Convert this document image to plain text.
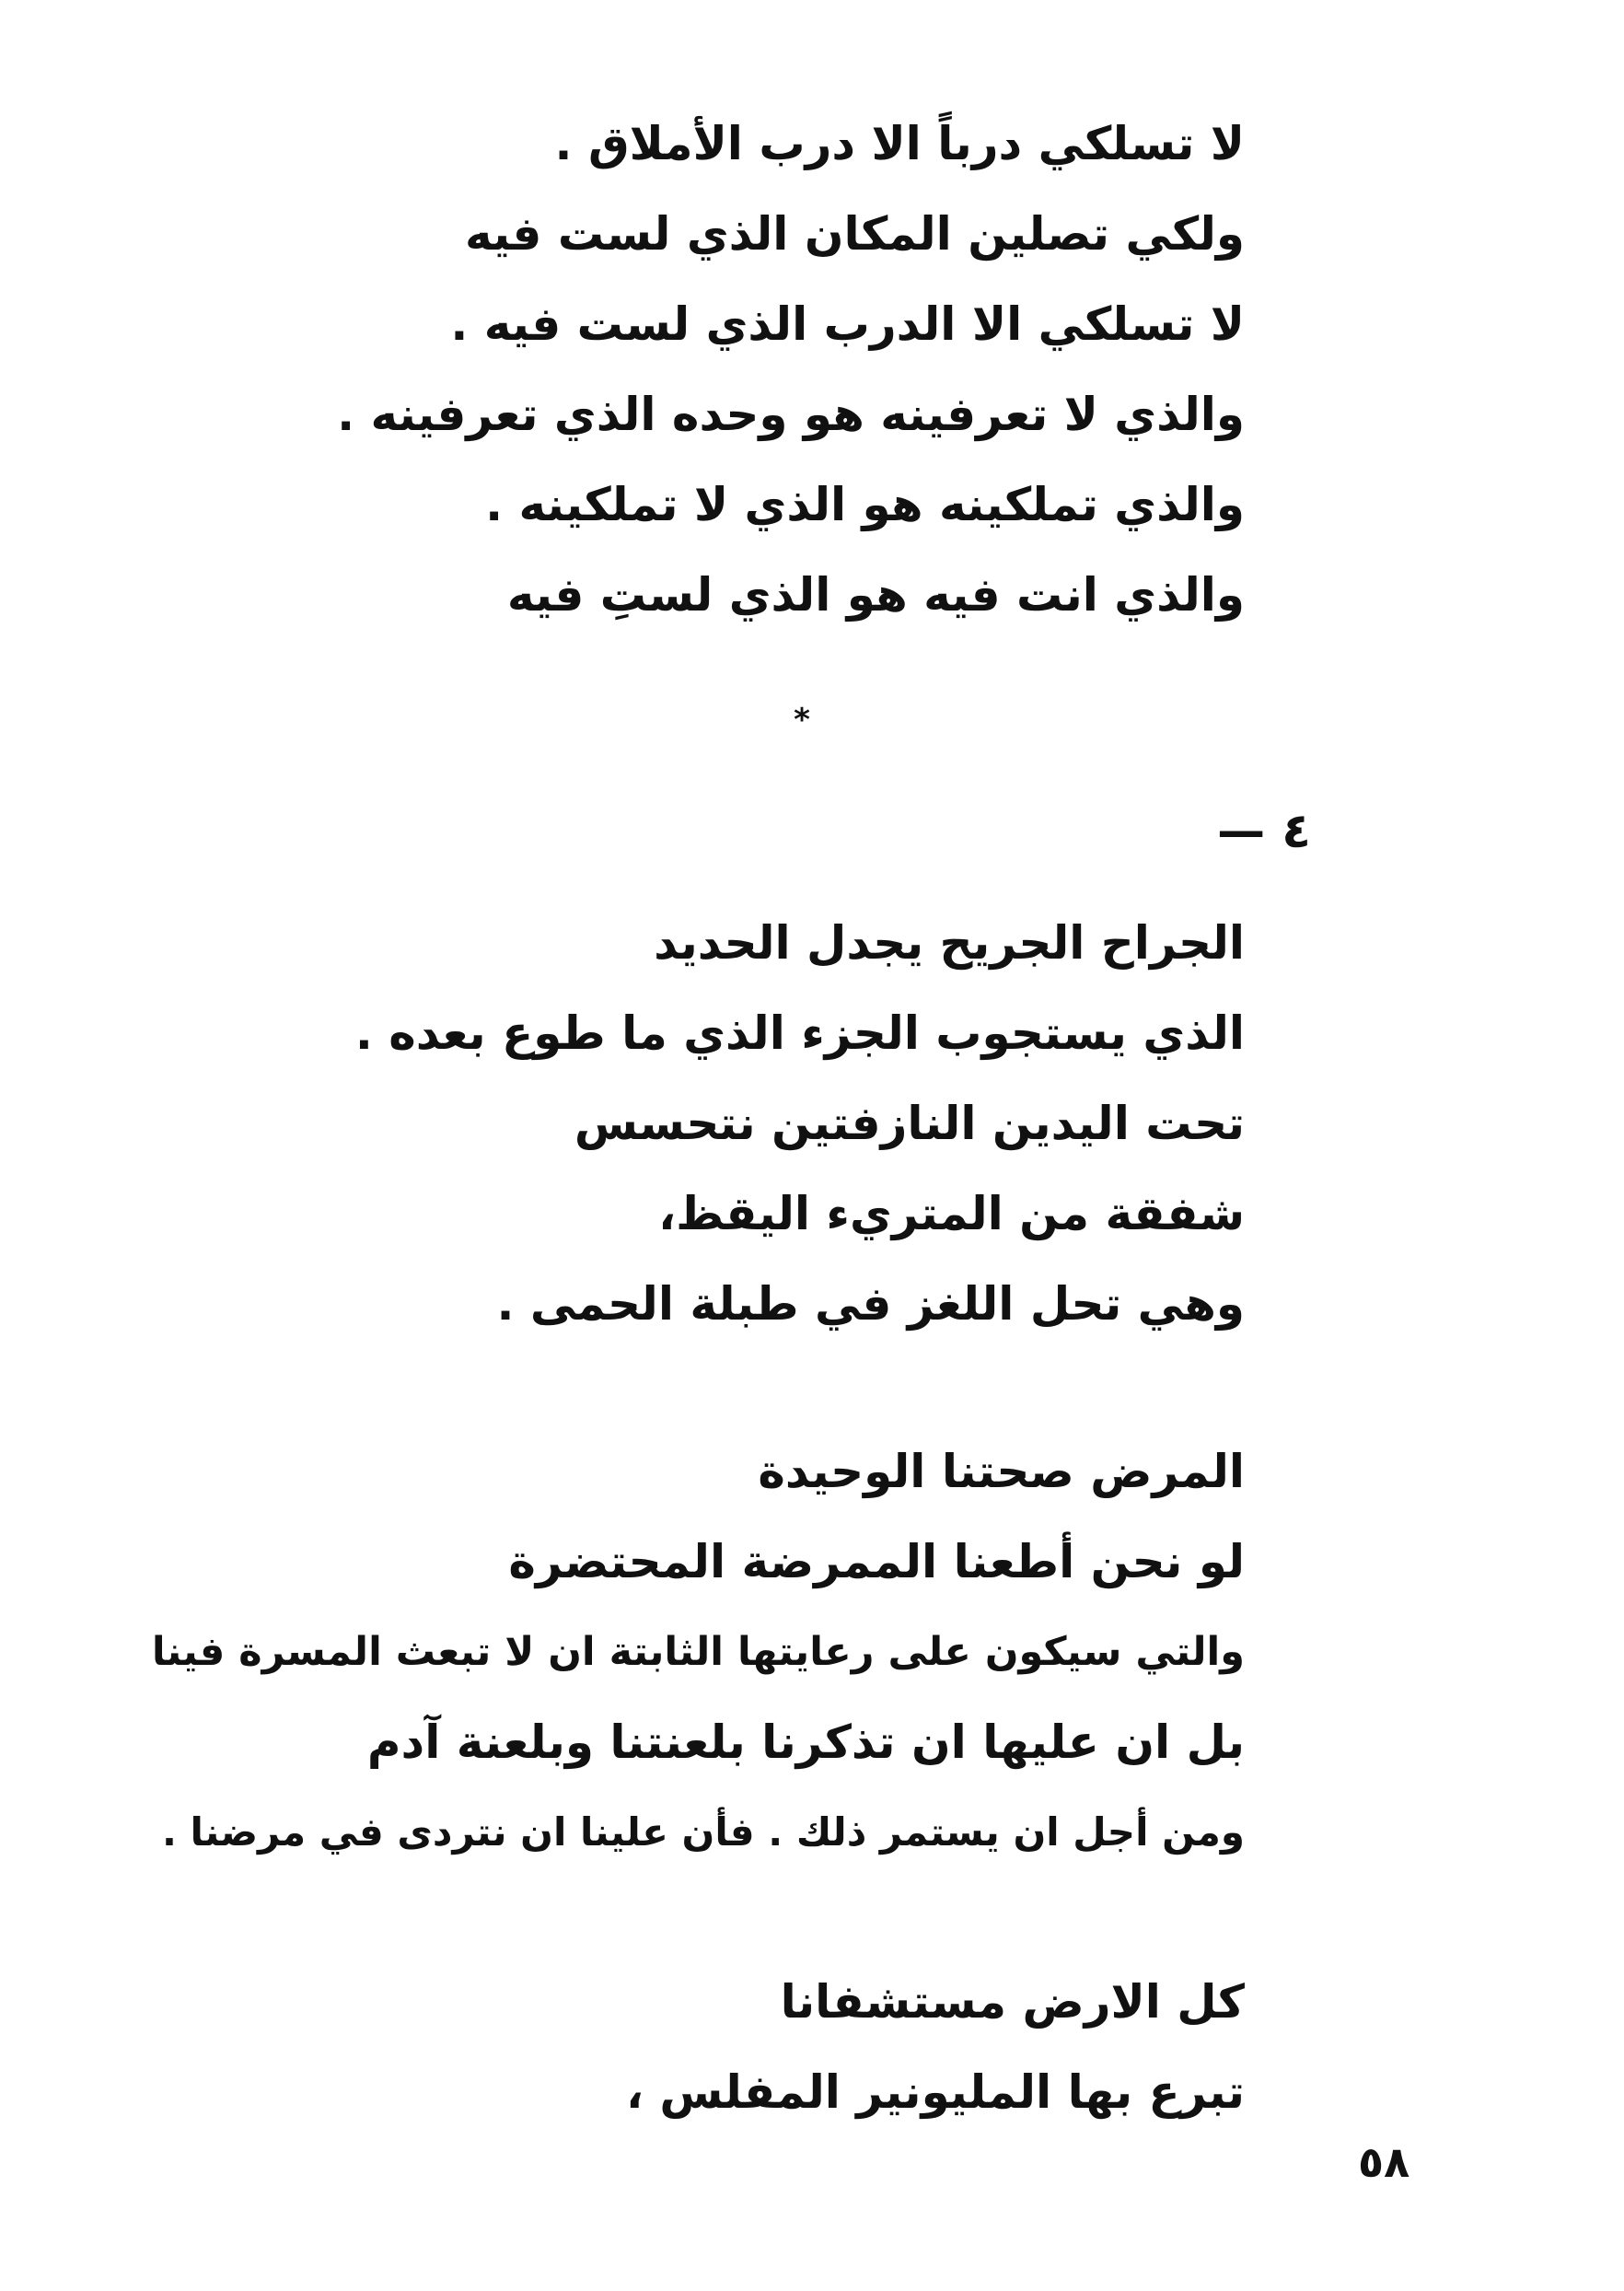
لا تسلكي درباً الا درب الأملاق .
ولكي تصلين المكان الذي لست فيه
لا تسلكي الا الدرب الذي لست فيه .
والذي لا تعرفينه هو وحده الذي تعرفينه .
والذي تملكينه هو الذي لا تملكينه .
والذي انت فيه هو الذي لستِ فيه
*
٤ —
الجراح الجريح يجدل الحديد
الذي يستجوب الجزء الذي ما طوع بعده .
تحت اليدين النازفتين نتحسس
شفقة من المتريء اليقظ،
وهي تحل اللغز في طبلة الحمى .
المرض صحتنا الوحيدة
لو نحن أطعنا الممرضة المحتضرة
والتي سيكون على رعايتها الثابتة ان لا تبعث المسرة فينا
بل ان عليها ان تذكرنا بلعنتنا وبلعنة آدم
ومن أجل ان يستمر ذلك . فأن علينا ان نتردى في مرضنا .
كل الارض مستشفانا
تبرع بها المليونير المفلس ،
٥٨
